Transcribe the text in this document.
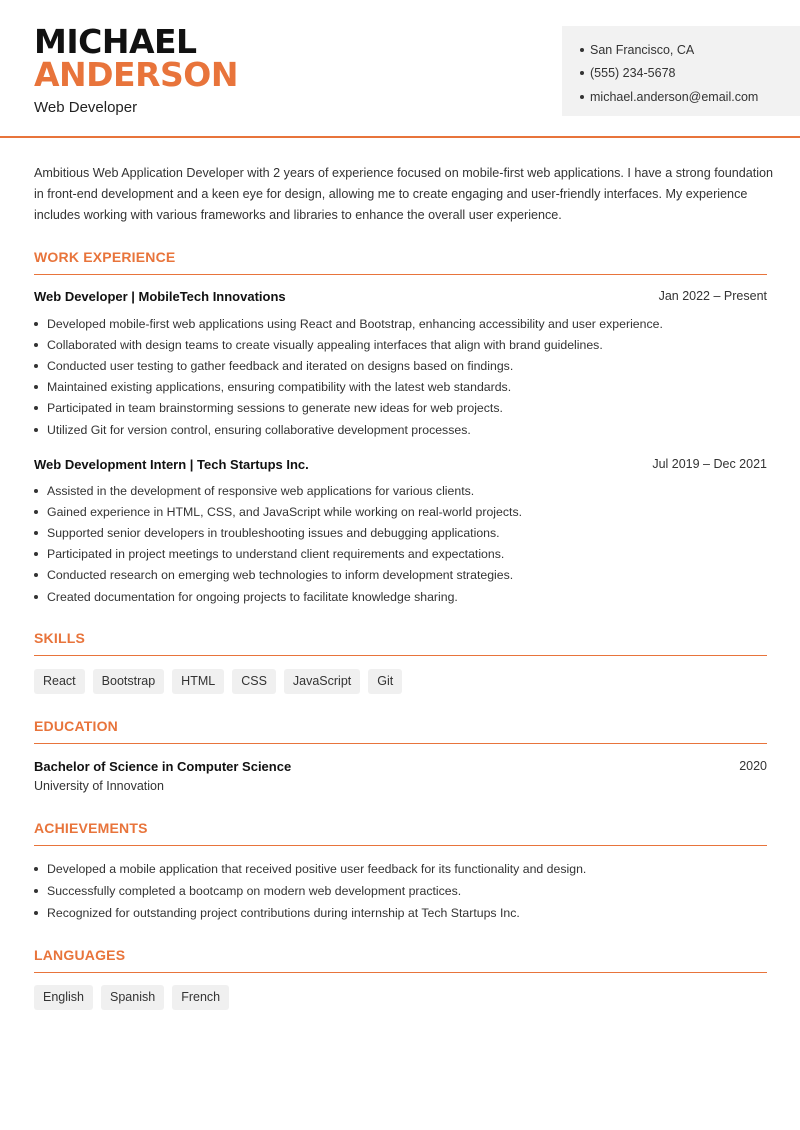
MICHAEL
ANDERSON
Web Developer
San Francisco, CA
(555) 234-5678
michael.anderson@email.com

Ambitious Web Application Developer with 2 years of experience focused on mobile-first web applications. I have a strong foundation in front-end development and a keen eye for design, allowing me to create engaging and user-friendly interfaces. My experience includes working with various frameworks and libraries to enhance the overall user experience.

WORK EXPERIENCE
Web Developer | MobileTech Innovations	Jan 2022 – Present
Developed mobile-first web applications using React and Bootstrap, enhancing accessibility and user experience.
Collaborated with design teams to create visually appealing interfaces that align with brand guidelines.
Conducted user testing to gather feedback and iterated on designs based on findings.
Maintained existing applications, ensuring compatibility with the latest web standards.
Participated in team brainstorming sessions to generate new ideas for web projects.
Utilized Git for version control, ensuring collaborative development processes.
Web Development Intern | Tech Startups Inc.	Jul 2019 – Dec 2021
Assisted in the development of responsive web applications for various clients.
Gained experience in HTML, CSS, and JavaScript while working on real-world projects.
Supported senior developers in troubleshooting issues and debugging applications.
Participated in project meetings to understand client requirements and expectations.
Conducted research on emerging web technologies to inform development strategies.
Created documentation for ongoing projects to facilitate knowledge sharing.
SKILLS
React	Bootstrap	HTML	CSS	JavaScript	Git
EDUCATION
Bachelor of Science in Computer Science	2020
University of Innovation
ACHIEVEMENTS
Developed a mobile application that received positive user feedback for its functionality and design.
Successfully completed a bootcamp on modern web development practices.
Recognized for outstanding project contributions during internship at Tech Startups Inc.
LANGUAGES
English	Spanish	French
